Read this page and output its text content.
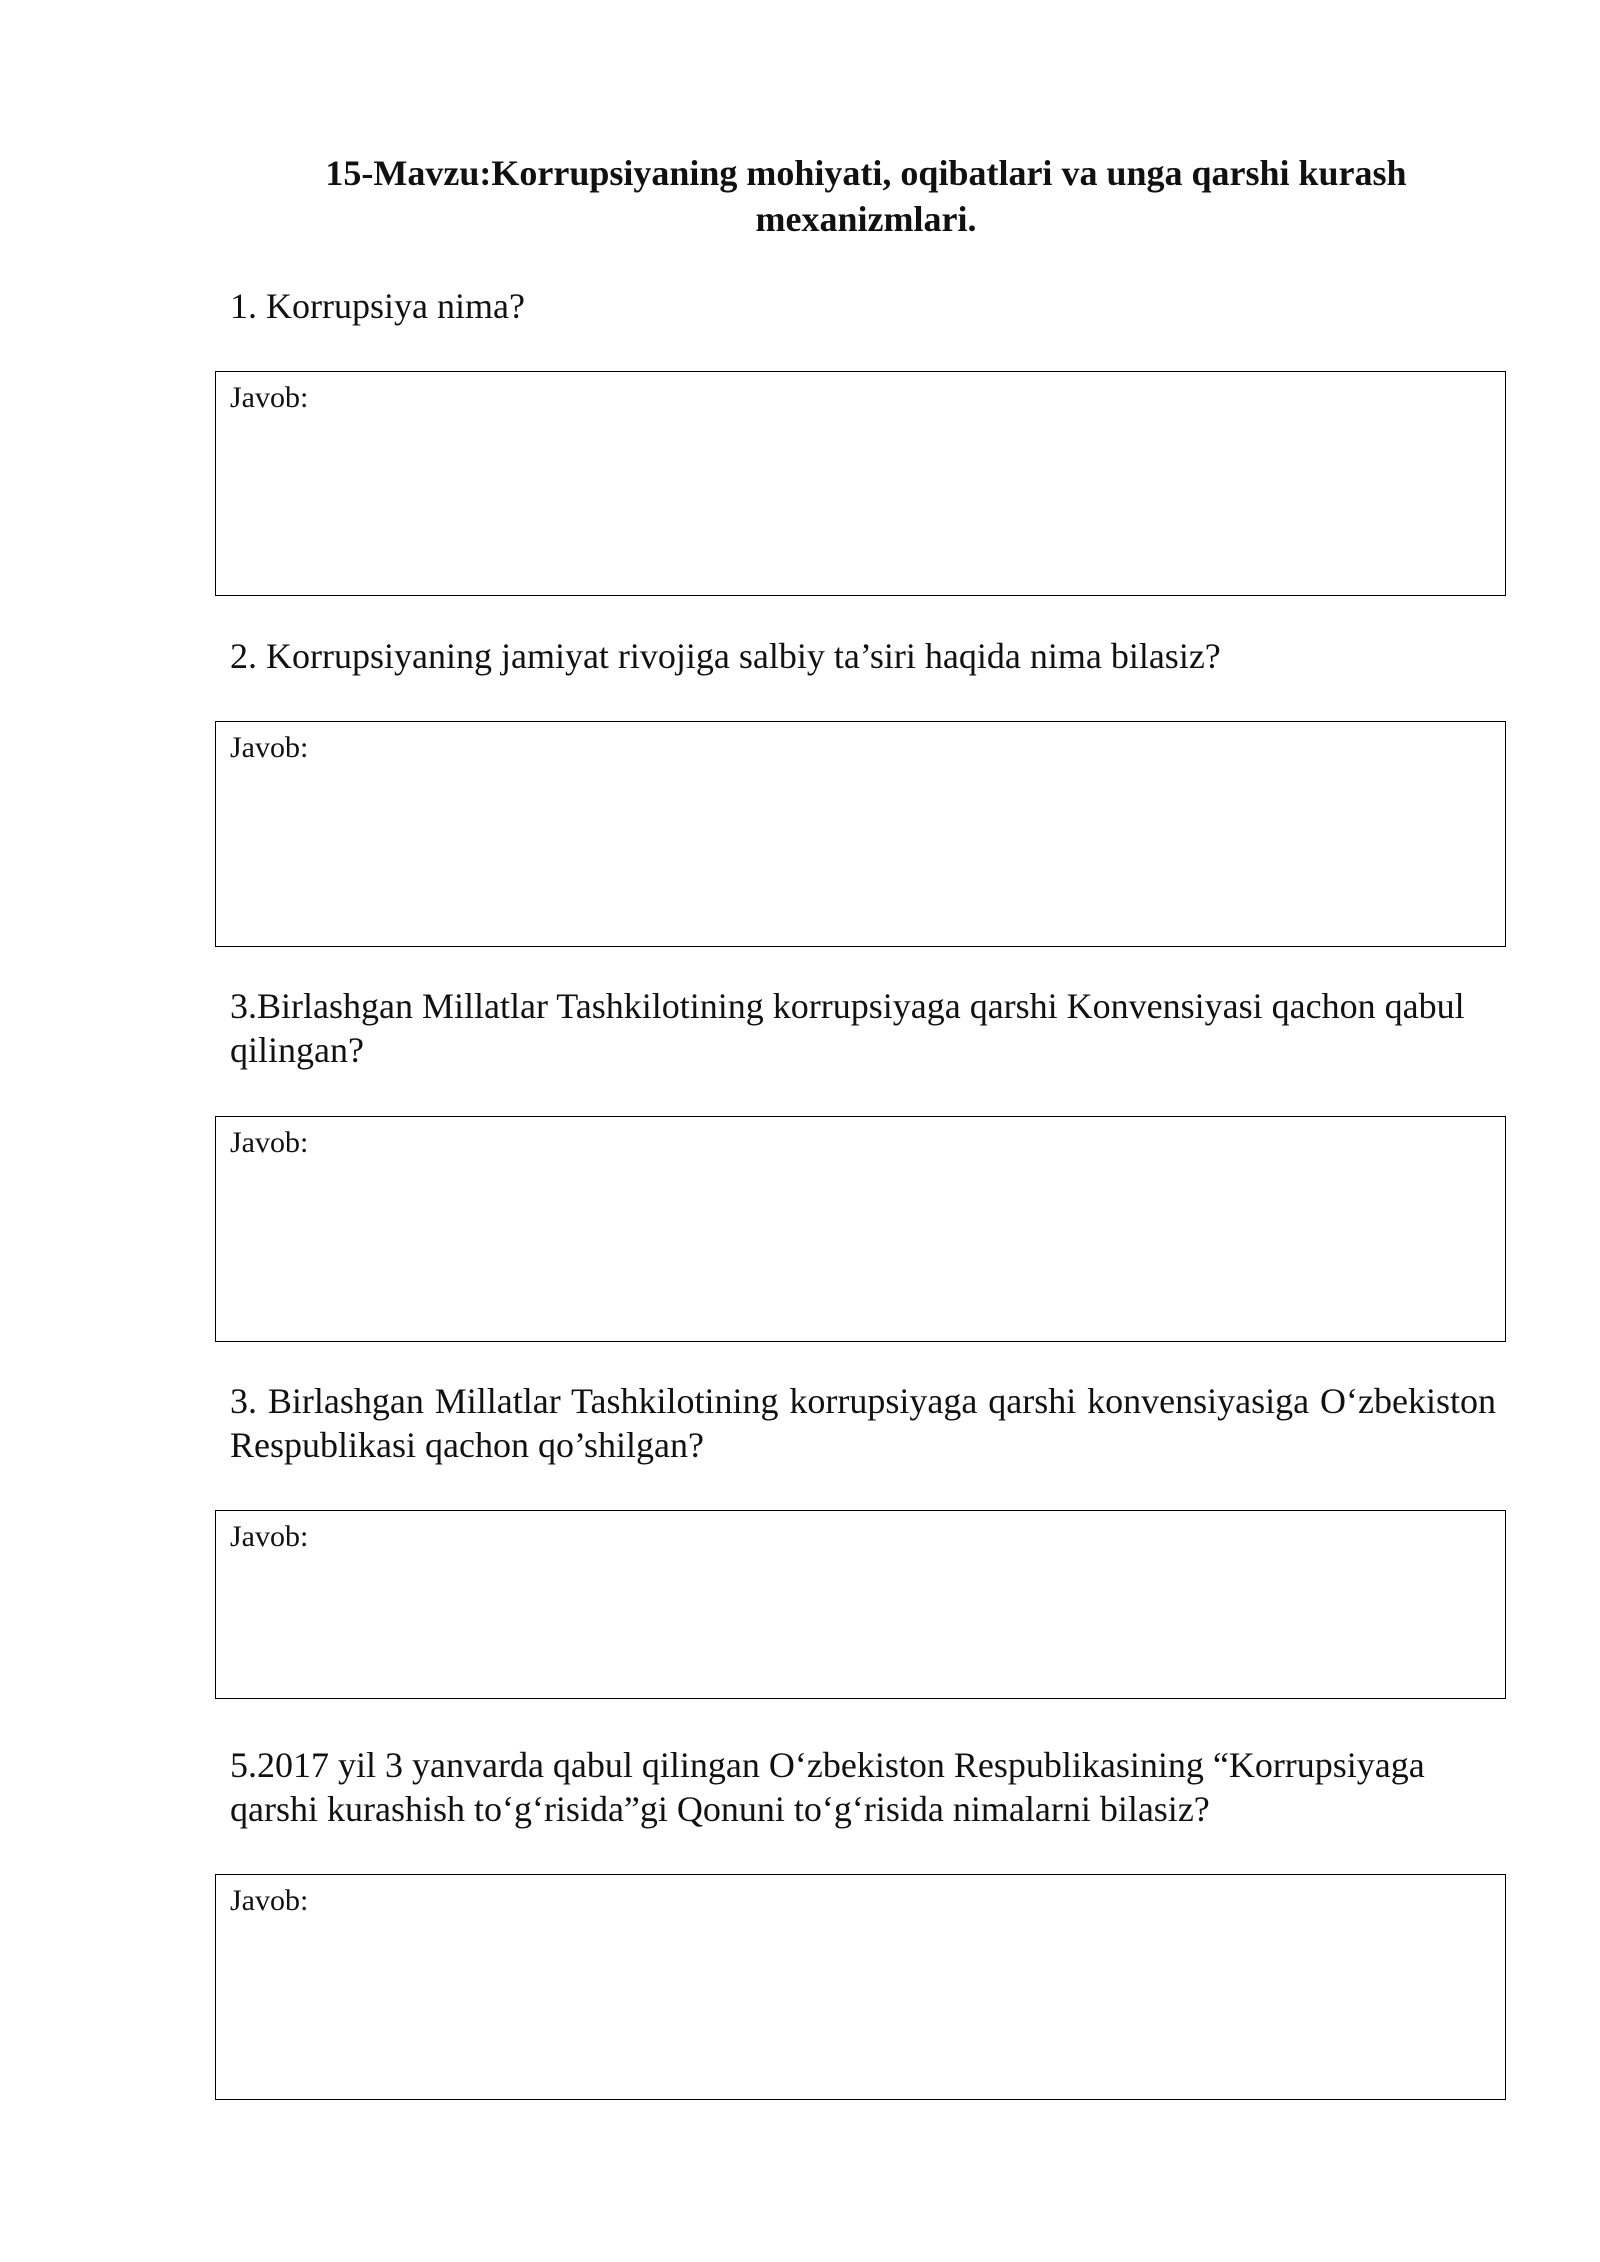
15-Mavzu:Korrupsiyaning mohiyati, oqibatlari va unga qarshi kurash mexanizmlari.

1. Korrupsiya nima?

Javob:

2. Korrupsiyaning jamiyat rivojiga salbiy ta’siri haqida nima bilasiz?

Javob:

3.Birlashgan Millatlar Tashkilotining korrupsiyaga qarshi Konvensiyasi qachon qabul qilingan?

Javob:

3. Birlashgan Millatlar Tashkilotining korrupsiyaga qarshi konvensiyasiga O‘zbekiston Respublikasi qachon qo’shilgan?

Javob:

5.2017 yil 3 yanvarda qabul qilingan O‘zbekiston Respublikasining “Korrupsiyaga qarshi kurashish to‘g‘risida”gi Qonuni to‘g‘risida nimalarni bilasiz?

Javob:
